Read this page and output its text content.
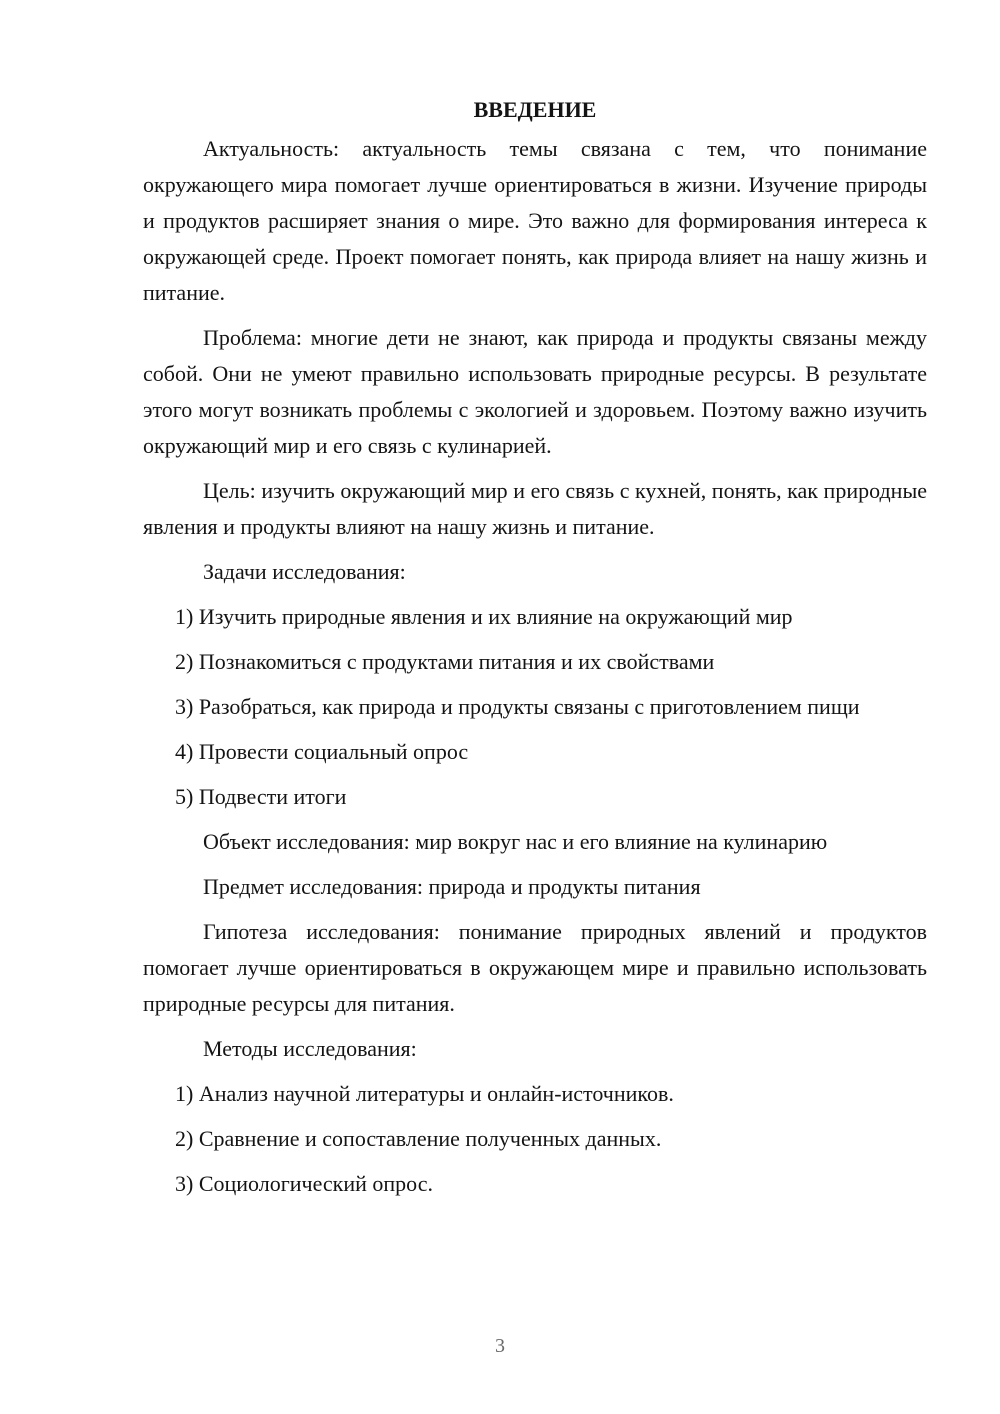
ВВЕДЕНИЕ

Актуальность: актуальность темы связана с тем, что понимание окружающего мира помогает лучше ориентироваться в жизни. Изучение природы и продуктов расширяет знания о мире. Это важно для формирования интереса к окружающей среде. Проект помогает понять, как природа влияет на нашу жизнь и питание.

Проблема: многие дети не знают, как природа и продукты связаны между собой. Они не умеют правильно использовать природные ресурсы. В результате этого могут возникать проблемы с экологией и здоровьем. Поэтому важно изучить окружающий мир и его связь с кулинарией.

Цель: изучить окружающий мир и его связь с кухней, понять, как природные явления и продукты влияют на нашу жизнь и питание.

Задачи исследования:

1) Изучить природные явления и их влияние на окружающий мир

2) Познакомиться с продуктами питания и их свойствами

3) Разобраться, как природа и продукты связаны с приготовлением пищи

4) Провести социальный опрос

5) Подвести итоги

Объект исследования: мир вокруг нас и его влияние на кулинарию

Предмет исследования: природа и продукты питания

Гипотеза исследования: понимание природных явлений и продуктов помогает лучше ориентироваться в окружающем мире и правильно использовать природные ресурсы для питания.

Методы исследования:

1) Анализ научной литературы и онлайн-источников.

2) Сравнение и сопоставление полученных данных.

3) Социологический опрос.

3
